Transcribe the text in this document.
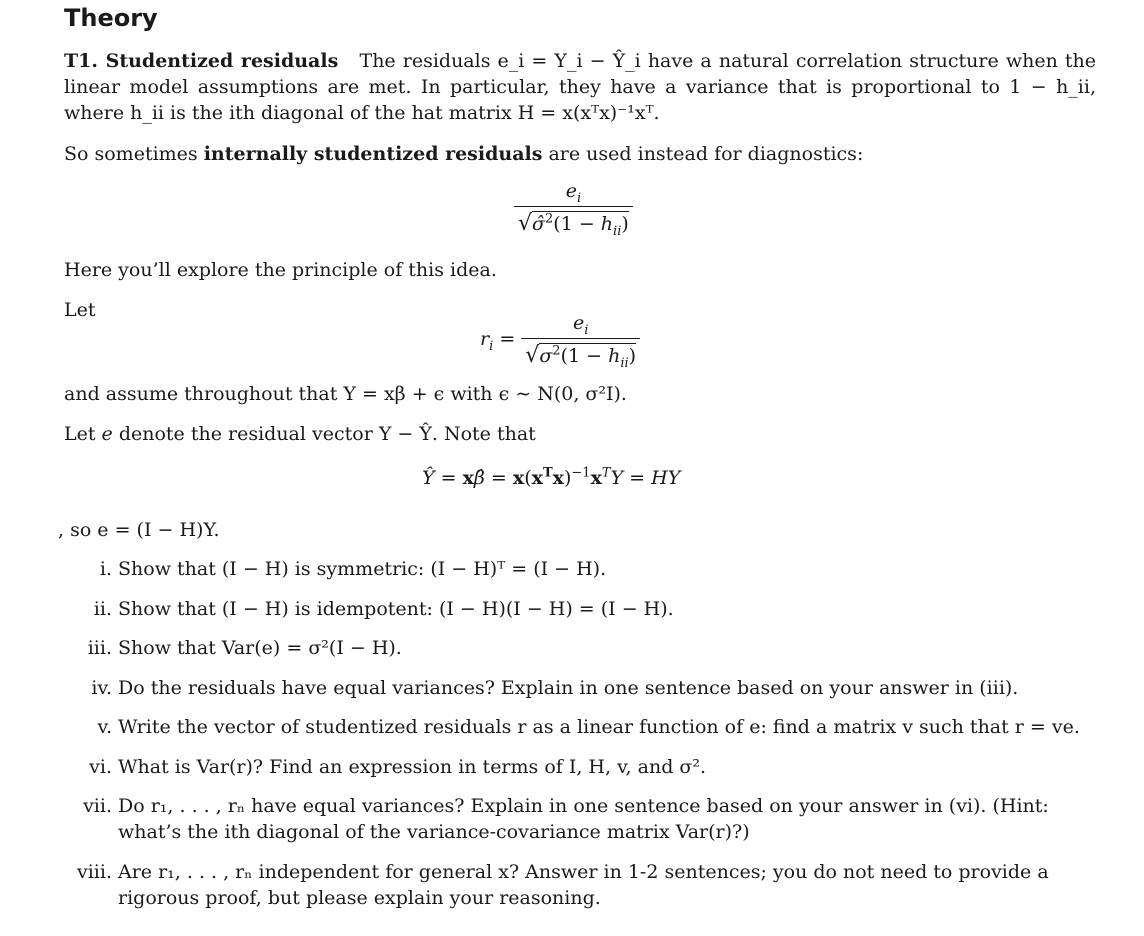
Theory
T1. Studentized residuals The residuals e_i = Y_i − Ŷ_i have a natural correlation structure when the linear model assumptions are met. In particular, they have a variance that is proportional to 1 − h_ii, where h_ii is the ith diagonal of the hat matrix H = x(xᵀx)⁻¹xᵀ.
So sometimes internally studentized residuals are used instead for diagnostics:
$\frac{e_i}{√\sigmâ^2(1 - h_{ii})}$
Here you’ll explore the principle of this idea.
Let
$r_i = \frac{e_i}{√\sigma^2(1 - h_{ii})}$
and assume throughout that Y = xβ + ϵ with ϵ ∼ N(0, σ²I).
Let e denote the residual vector Y − Ŷ. Note that
Ŷ = xβ̂ = $x(x^Tx)^{-1}x^TY$ = HY
, so e = (I − H)Y.
i. Show that (I − H) is symmetric: (I − H)ᵀ = (I − H).
ii. Show that (I − H) is idempotent: (I − H)(I − H) = (I − H).
iii. Show that Var(e) = σ²(I − H).
iv. Do the residuals have equal variances? Explain in one sentence based on your answer in (iii).
v. Write the vector of studentized residuals r as a linear function of e: find a matrix v such that r = ve.
vi. What is Var(r)? Find an expression in terms of I, H, v, and σ².
vii. Do r₁, . . . , rₙ have equal variances? Explain in one sentence based on your answer in (vi). (Hint: what’s the ith diagonal of the variance-covariance matrix Var(r)?)
viii. Are r₁, . . . , rₙ independent for general x? Answer in 1-2 sentences; you do not need to provide a rigorous proof, but please explain your reasoning.
